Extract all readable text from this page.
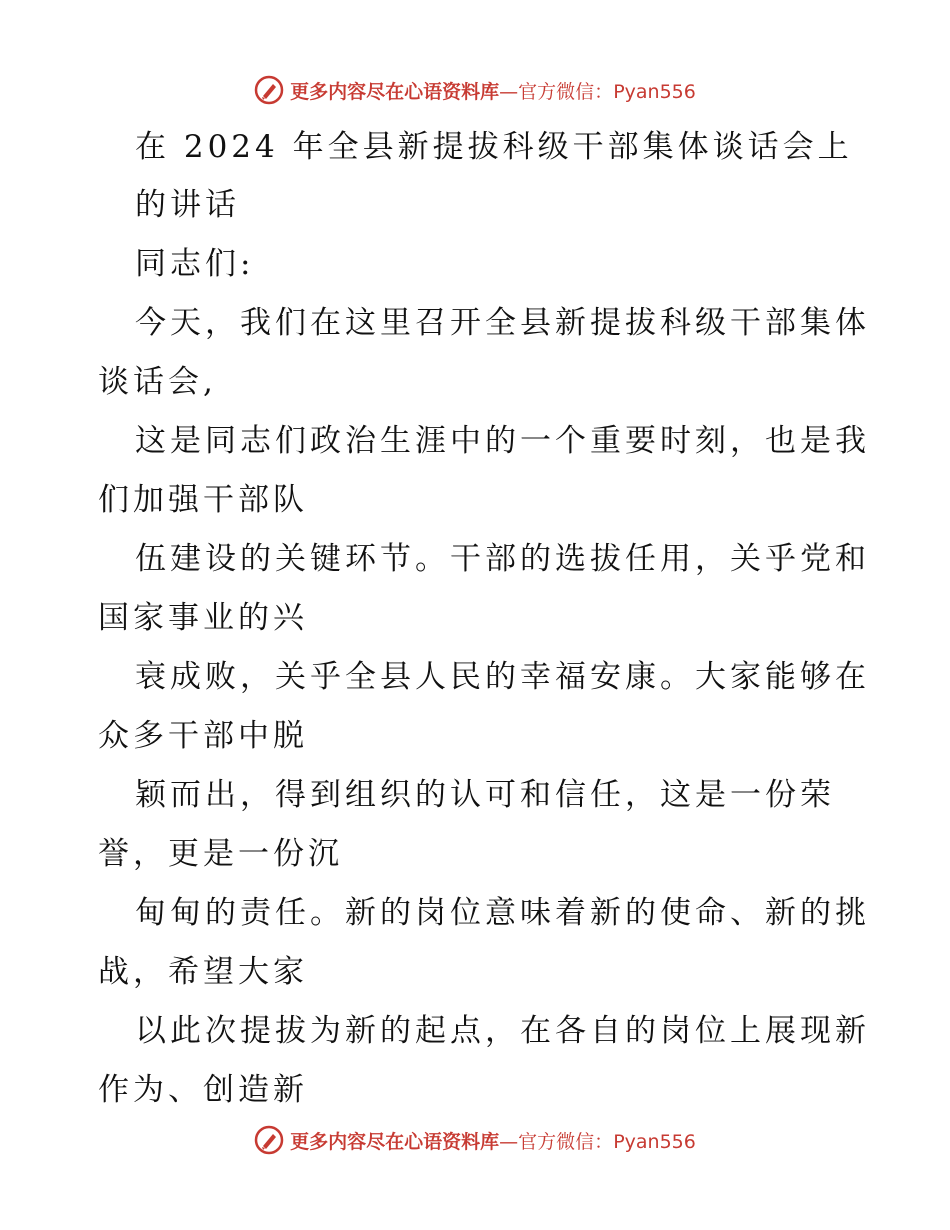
更多内容尽在心语资料库—官方微信：Pyan556
在 2024 年全县新提拔科级干部集体谈话会上
的讲话
同志们:
今天，我们在这里召开全县新提拔科级干部集体
谈话会,
这是同志们政治生涯中的一个重要时刻，也是我
们加强干部队
伍建设的关键环节。干部的选拔任用，关乎党和
国家事业的兴
衰成败，关乎全县人民的幸福安康。大家能够在
众多干部中脱
颖而出，得到组织的认可和信任，这是一份荣
誉，更是一份沉
甸甸的责任。新的岗位意味着新的使命、新的挑
战，希望大家
以此次提拔为新的起点，在各自的岗位上展现新
作为、创造新
更多内容尽在心语资料库—官方微信：Pyan556
